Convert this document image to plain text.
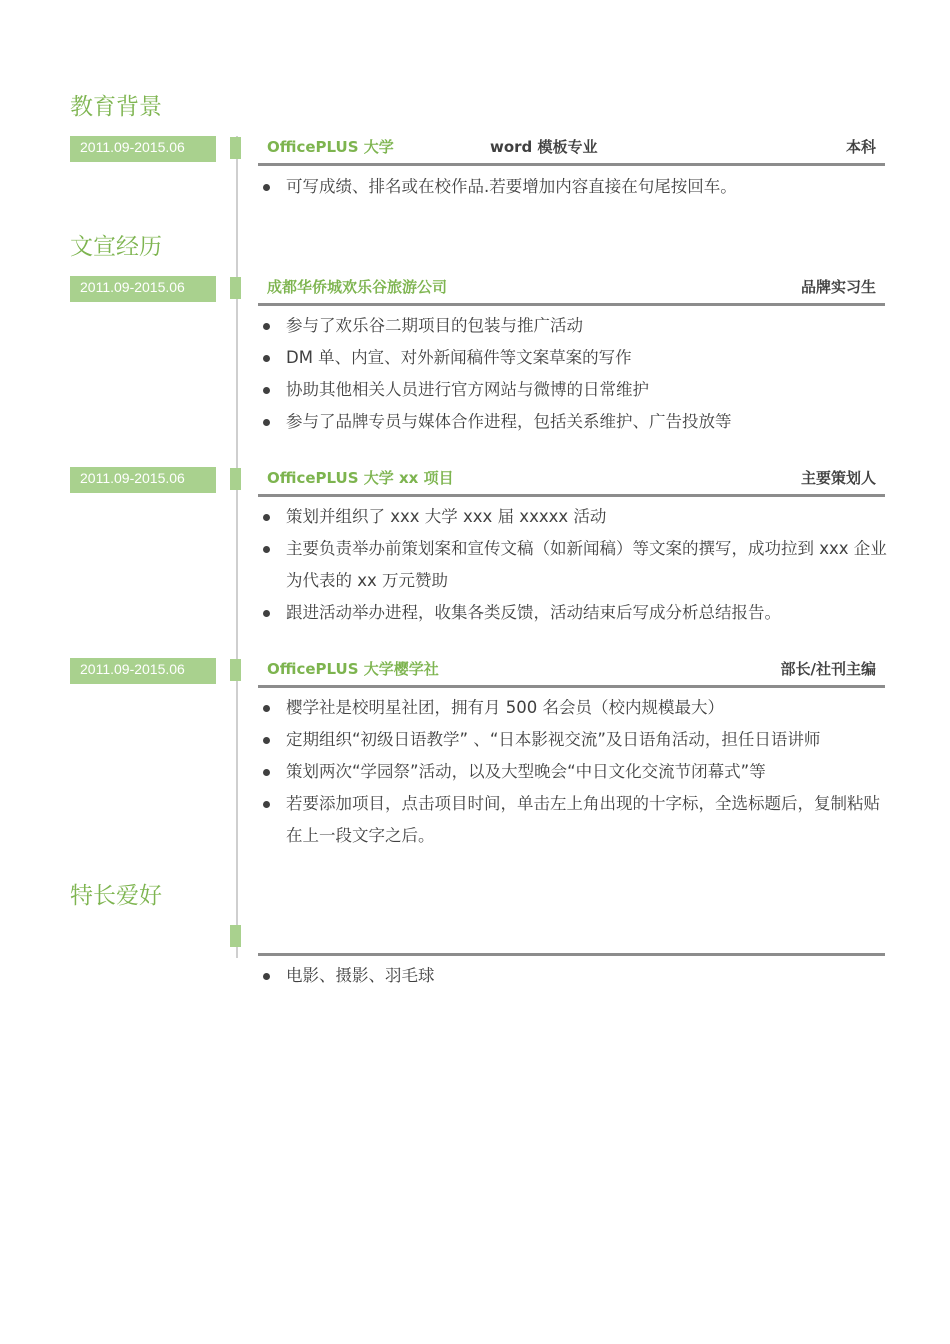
教育背景
2011.09-2015.06	OfficePLUS 大学	word 模板专业	本科
可写成绩、排名或在校作品.若要增加内容直接在句尾按回车。
文宣经历
2011.09-2015.06	成都华侨城欢乐谷旅游公司	品牌实习生
参与了欢乐谷二期项目的包装与推广活动
DM 单、内宣、对外新闻稿件等文案草案的写作
协助其他相关人员进行官方网站与微博的日常维护
参与了品牌专员与媒体合作进程，包括关系维护、广告投放等
2011.09-2015.06	OfficePLUS 大学 xx 项目	主要策划人
策划并组织了 xxx 大学 xxx 届 xxxxx 活动
主要负责举办前策划案和宣传文稿（如新闻稿）等文案的撰写，成功拉到 xxx 企业为代表的 xx 万元赞助
跟进活动举办进程，收集各类反馈，活动结束后写成分析总结报告。
2011.09-2015.06	OfficePLUS 大学樱学社	部长/社刊主编
樱学社是校明星社团，拥有月 500 名会员（校内规模最大）
定期组织“初级日语教学” 、“日本影视交流”及日语角活动，担任日语讲师
策划两次“学园祭”活动，以及大型晚会“中日文化交流节闭幕式”等
若要添加项目，点击项目时间，单击左上角出现的十字标，全选标题后，复制粘贴在上一段文字之后。
特长爱好
电影、摄影、羽毛球
